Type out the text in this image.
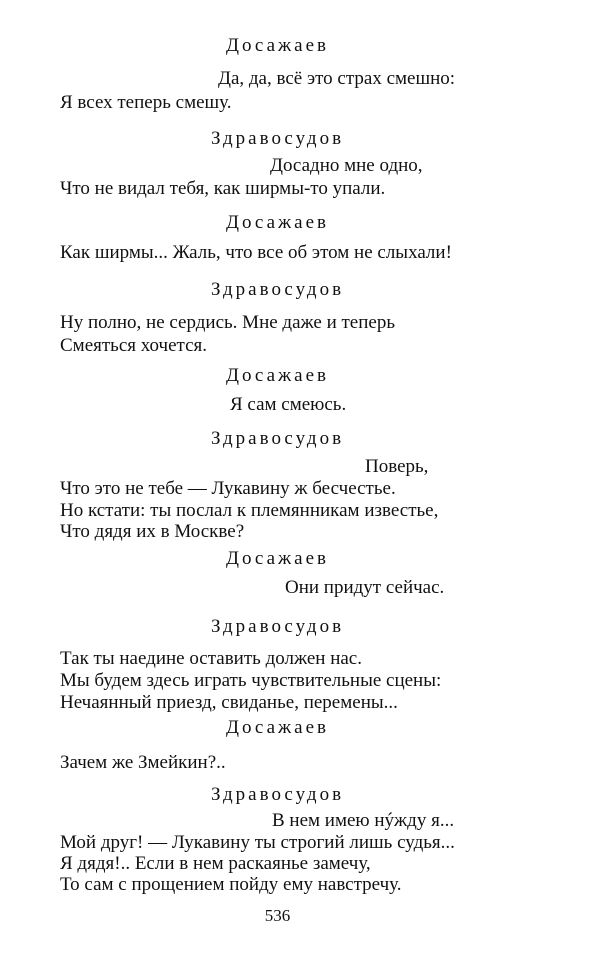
Досажаев
Да, да, всё это страх смешно:
Я всех теперь смешу.
Здравосудов
Досадно мне одно,
Что не видал тебя, как ширмы-то упали.
Досажаев
Как ширмы... Жаль, что все об этом не слыхали!
Здравосудов
Ну полно, не сердись. Мне даже и теперь
Смеяться хочется.
Досажаев
Я сам смеюсь.
Здравосудов
Поверь,
Что это не тебе — Лукавину ж бесчестье.
Но кстати: ты послал к племянникам известье,
Что дядя их в Москве?
Досажаев
Они придут сейчас.
Здравосудов
Так ты наедине оставить должен нас.
Мы будем здесь играть чувствительные сцены:
Нечаянный приезд, свиданье, перемены...
Досажаев
Зачем же Змейкин?..
Здравосудов
В нем имею нýжду я...
Мой друг! — Лукавину ты строгий лишь судья...
Я дядя!.. Если в нем раскаянье замечу,
То сам с прощением пойду ему навстречу.
536
